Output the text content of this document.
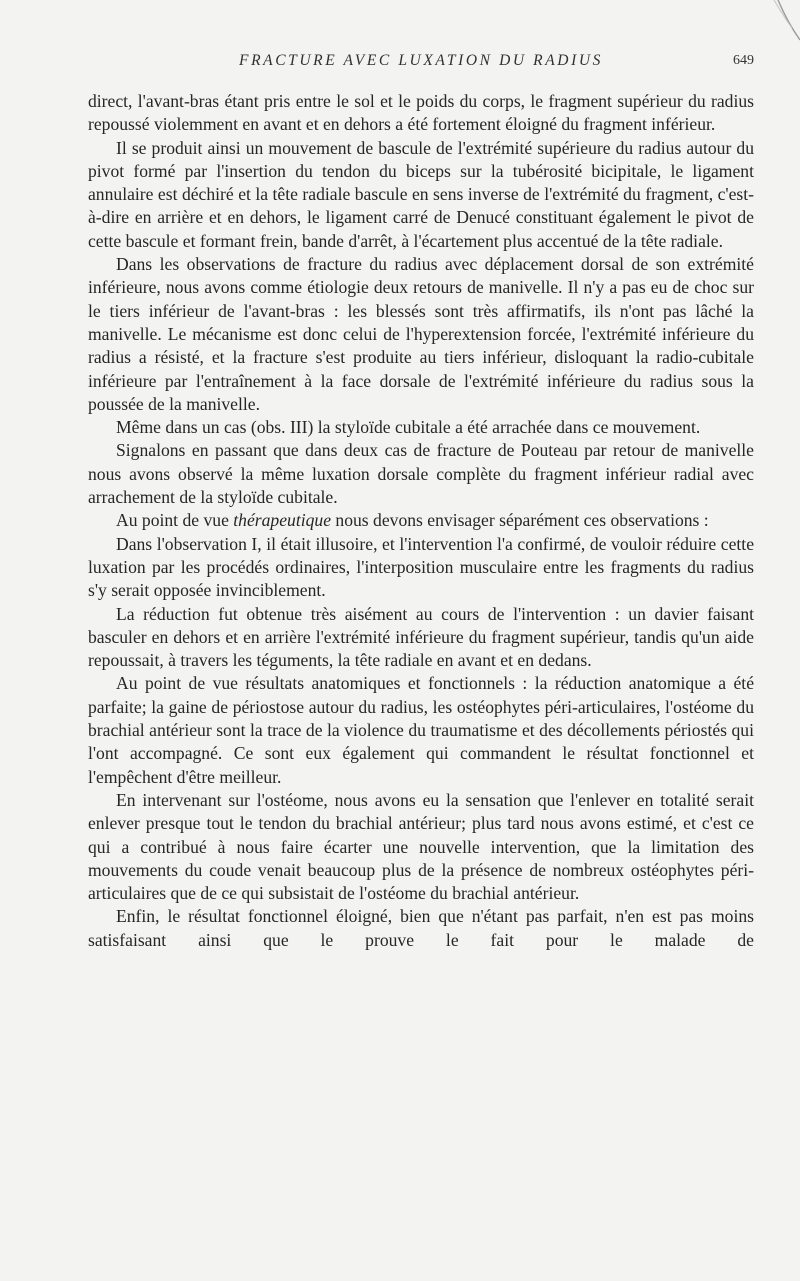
FRACTURE AVEC LUXATION DU RADIUS	649

direct, l'avant-bras étant pris entre le sol et le poids du corps, le fragment supérieur du radius repoussé violemment en avant et en dehors a été fortement éloigné du fragment inférieur.

Il se produit ainsi un mouvement de bascule de l'extrémité supérieure du radius autour du pivot formé par l'insertion du tendon du biceps sur la tubérosité bicipitale, le ligament annulaire est déchiré et la tête radiale bascule en sens inverse de l'extrémité du fragment, c'est-à-dire en arrière et en dehors, le ligament carré de Denucé constituant également le pivot de cette bascule et formant frein, bande d'arrêt, à l'écartement plus accentué de la tête radiale.

Dans les observations de fracture du radius avec déplacement dorsal de son extrémité inférieure, nous avons comme étiologie deux retours de manivelle. Il n'y a pas eu de choc sur le tiers inférieur de l'avant-bras : les blessés sont très affirmatifs, ils n'ont pas lâché la manivelle. Le mécanisme est donc celui de l'hyperextension forcée, l'extrémité inférieure du radius a résisté, et la fracture s'est produite au tiers inférieur, disloquant la radio-cubitale inférieure par l'entraînement à la face dorsale de l'extrémité inférieure du radius sous la poussée de la manivelle.

Même dans un cas (obs. III) la styloïde cubitale a été arrachée dans ce mouvement.

Signalons en passant que dans deux cas de fracture de Pouteau par retour de manivelle nous avons observé la même luxation dorsale complète du fragment inférieur radial avec arrachement de la styloïde cubitale.

Au point de vue thérapeutique nous devons envisager séparément ces observations :

Dans l'observation I, il était illusoire, et l'intervention l'a confirmé, de vouloir réduire cette luxation par les procédés ordinaires, l'interposition musculaire entre les fragments du radius s'y serait opposée invinciblement.

La réduction fut obtenue très aisément au cours de l'intervention : un davier faisant basculer en dehors et en arrière l'extrémité inférieure du fragment supérieur, tandis qu'un aide repoussait, à travers les téguments, la tête radiale en avant et en dedans.

Au point de vue résultats anatomiques et fonctionnels : la réduction anatomique a été parfaite; la gaine de périostose autour du radius, les ostéophytes péri-articulaires, l'ostéome du brachial antérieur sont la trace de la violence du traumatisme et des décollements périostés qui l'ont accompagné. Ce sont eux également qui commandent le résultat fonctionnel et l'empêchent d'être meilleur.

En intervenant sur l'ostéome, nous avons eu la sensation que l'enlever en totalité serait enlever presque tout le tendon du brachial antérieur; plus tard nous avons estimé, et c'est ce qui a contribué à nous faire écarter une nouvelle intervention, que la limitation des mouvements du coude venait beaucoup plus de la présence de nombreux ostéophytes péri-articulaires que de ce qui subsistait de l'ostéome du brachial antérieur.

Enfin, le résultat fonctionnel éloigné, bien que n'étant pas parfait, n'en est pas moins satisfaisant ainsi que le prouve le fait pour le malade de
